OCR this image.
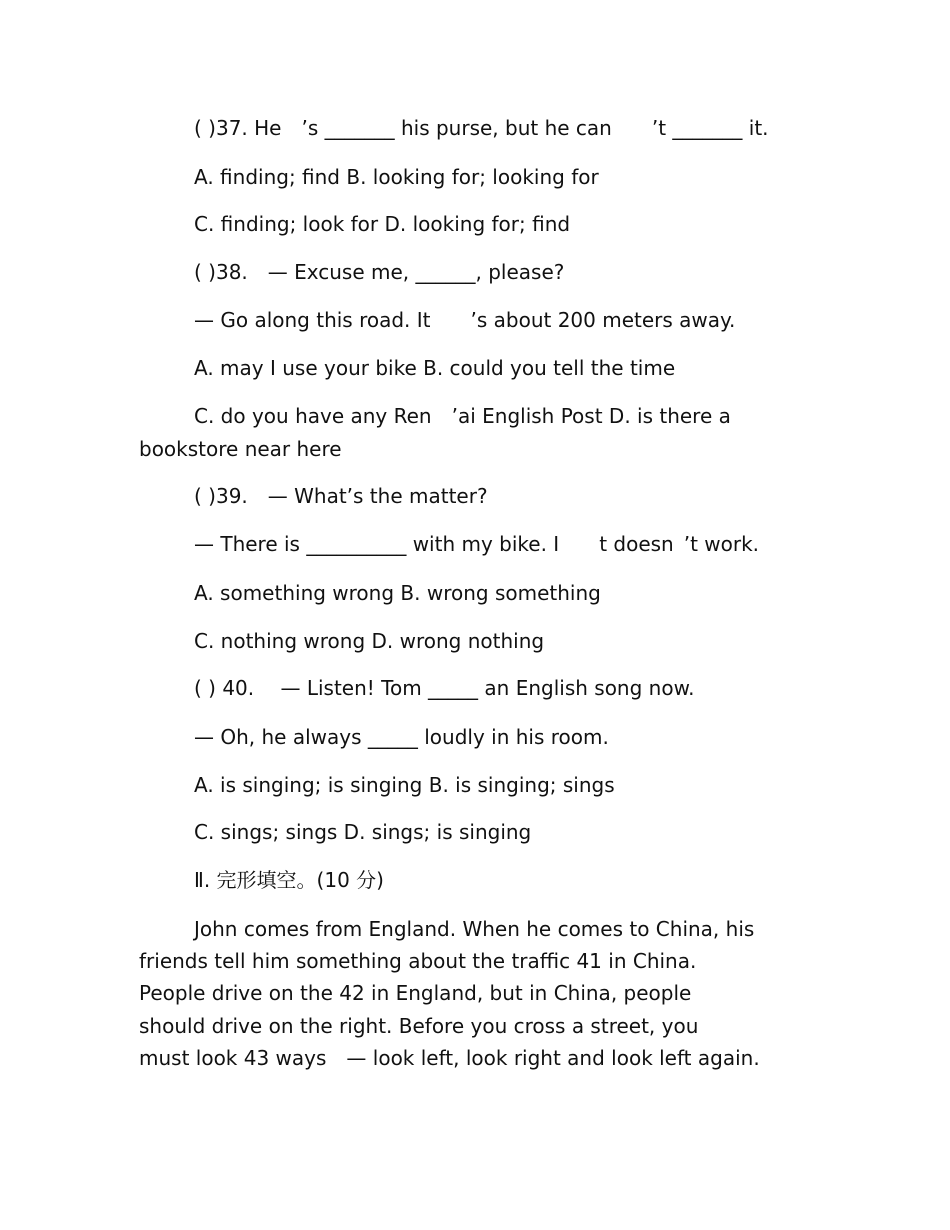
( )37. He　’s _______ his purse, but he can　　’t _______ it.
A. finding; find B. looking for; looking for
C. finding; look for D. looking for; find
( )38.　— Excuse me, ______, please?
— Go along this road. It　　’s about 200 meters away.
A. may I use your bike B. could you tell the time
C. do you have any Ren　’ai English Post D. is there a
bookstore near here
( )39.　— What’s the matter?
— There is __________ with my bike. I　　t doesn ’t work.
A. something wrong B. wrong something
C. nothing wrong D. wrong nothing
( ) 40.　 — Listen! Tom _____ an English song now.
— Oh, he always _____ loudly in his room.
A. is singing; is singing B. is singing; sings
C. sings; sings D. sings; is singing
Ⅱ. 完形填空。(10 分)
John comes from England. When he comes to China, his
friends tell him something about the traffic 41 in China.
People drive on the 42 in England, but in China, people
should drive on the right. Before you cross a street, you
must look 43 ways　— look left, look right and look left again.
